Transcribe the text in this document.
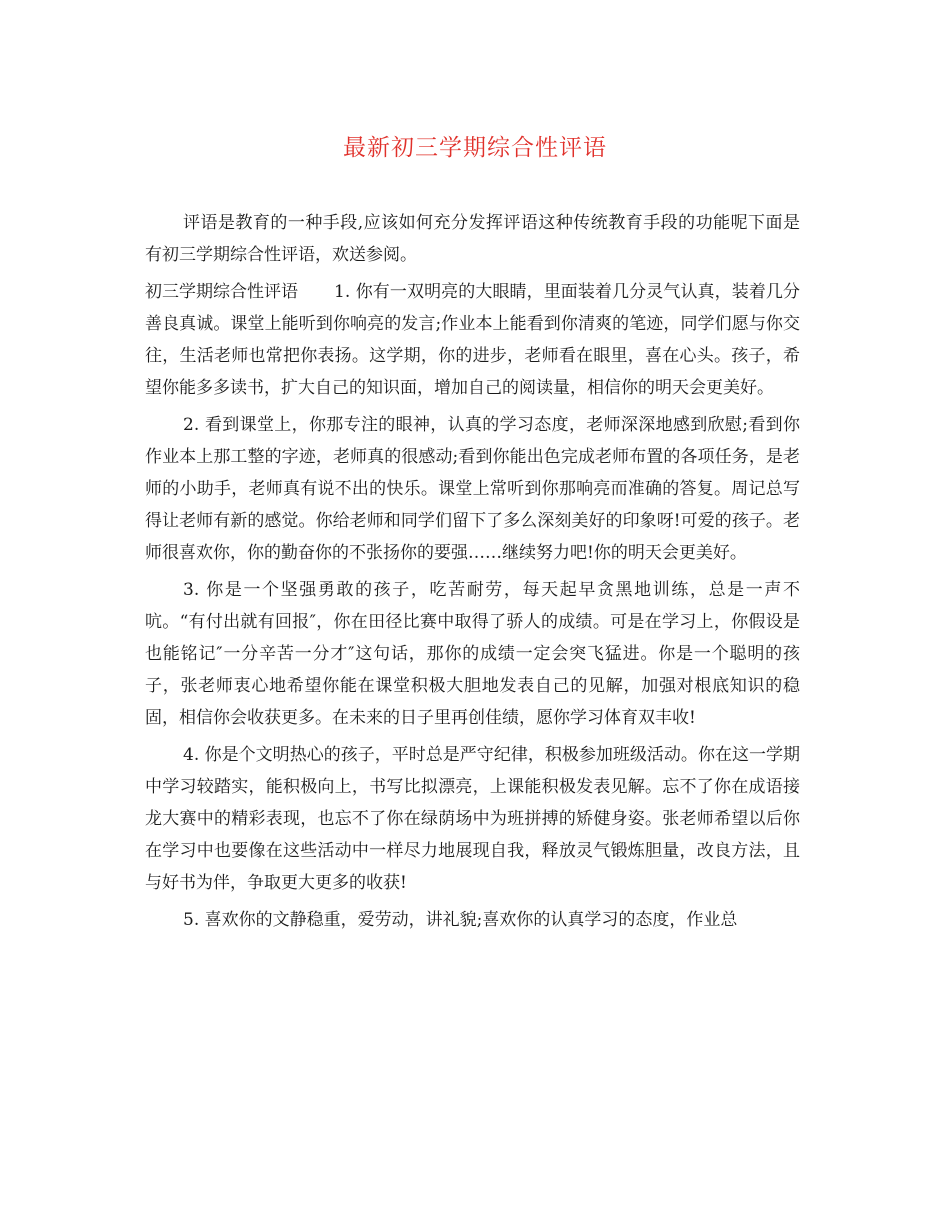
最新初三学期综合性评语

评语是教育的一种手段,应该如何充分发挥评语这种传统教育手段的功能呢下面是有初三学期综合性评语，欢送参阅。

初三学期综合性评语 1. 你有一双明亮的大眼睛，里面装着几分灵气认真，装着几分善良真诚。课堂上能听到你响亮的发言;作业本上能看到你清爽的笔迹，同学们愿与你交往，生活老师也常把你表扬。这学期，你的进步，老师看在眼里，喜在心头。孩子，希望你能多多读书，扩大自己的知识面，增加自己的阅读量，相信你的明天会更美好。

2. 看到课堂上，你那专注的眼神，认真的学习态度，老师深深地感到欣慰;看到你作业本上那工整的字迹，老师真的很感动;看到你能出色完成老师布置的各项任务，是老师的小助手，老师真有说不出的快乐。课堂上常听到你那响亮而准确的答复。周记总写得让老师有新的感觉。你给老师和同学们留下了多么深刻美好的印象呀!可爱的孩子。老师很喜欢你，你的勤奋你的不张扬你的要强……继续努力吧!你的明天会更美好。

3. 你是一个坚强勇敢的孩子，吃苦耐劳，每天起早贪黑地训练，总是一声不吭。“有付出就有回报″，你在田径比赛中取得了骄人的成绩。可是在学习上，你假设是也能铭记″一分辛苦一分才″这句话，那你的成绩一定会突飞猛进。你是一个聪明的孩子，张老师衷心地希望你能在课堂积极大胆地发表自己的见解，加强对根底知识的稳固，相信你会收获更多。在未来的日子里再创佳绩，愿你学习体育双丰收!

4. 你是个文明热心的孩子，平时总是严守纪律，积极参加班级活动。你在这一学期中学习较踏实，能积极向上，书写比拟漂亮，上课能积极发表见解。忘不了你在成语接龙大赛中的精彩表现，也忘不了你在绿荫场中为班拼搏的矫健身姿。张老师希望以后你在学习中也要像在这些活动中一样尽力地展现自我，释放灵气锻炼胆量，改良方法，且与好书为伴，争取更大更多的收获!

5. 喜欢你的文静稳重，爱劳动，讲礼貌;喜欢你的认真学习的态度，作业总
